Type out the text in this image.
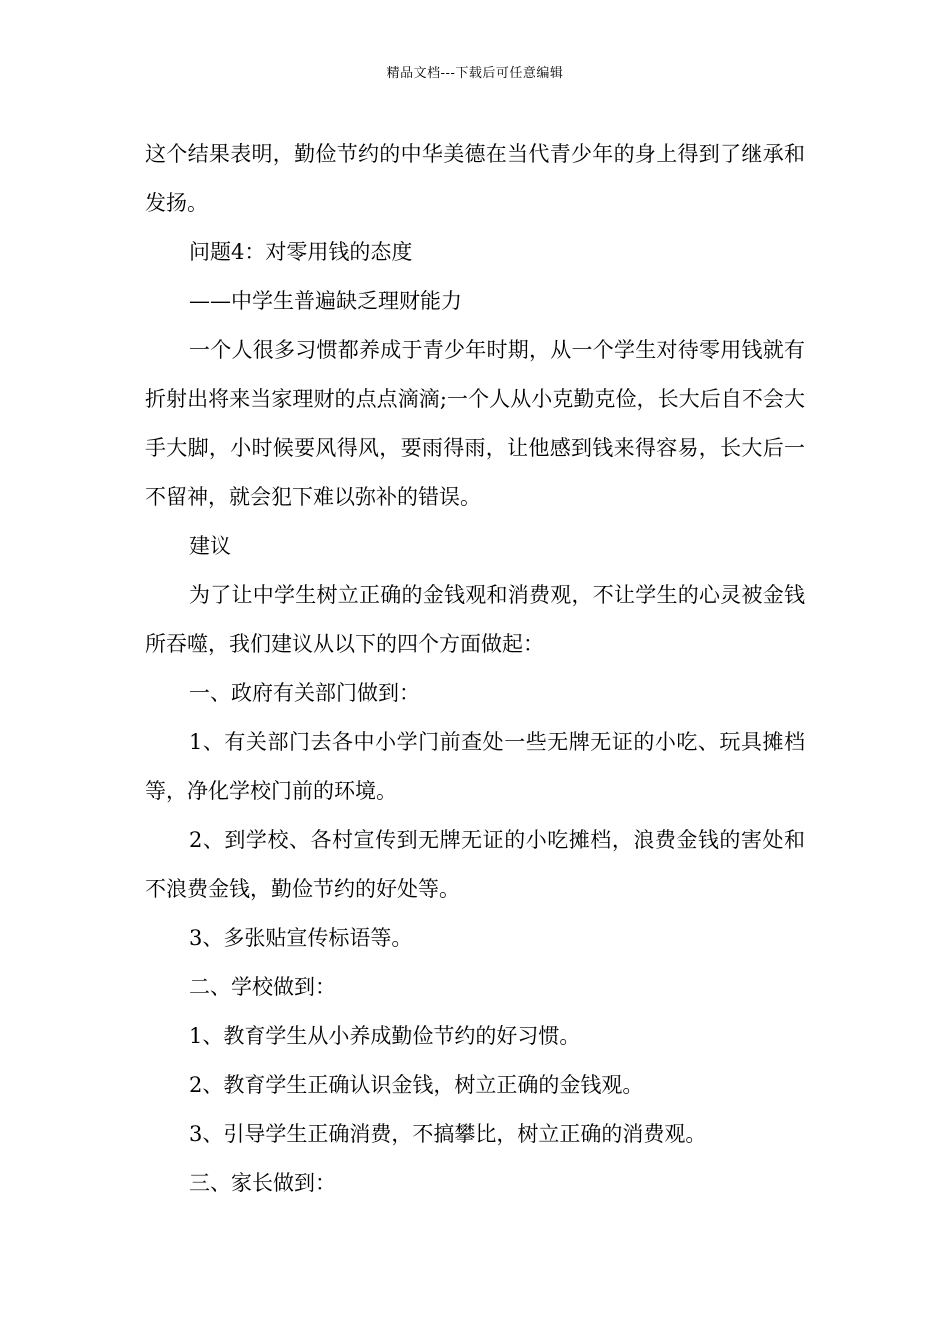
精品文档---下载后可任意编辑

这个结果表明，勤俭节约的中华美德在当代青少年的身上得到了继承和发扬。

问题4：对零用钱的态度

——中学生普遍缺乏理财能力

一个人很多习惯都养成于青少年时期，从一个学生对待零用钱就有折射出将来当家理财的点点滴滴;一个人从小克勤克俭，长大后自不会大手大脚，小时候要风得风，要雨得雨，让他感到钱来得容易，长大后一不留神，就会犯下难以弥补的错误。

建议

为了让中学生树立正确的金钱观和消费观，不让学生的心灵被金钱所吞噬，我们建议从以下的四个方面做起：

一、政府有关部门做到：

1、有关部门去各中小学门前查处一些无牌无证的小吃、玩具摊档等，净化学校门前的环境。

2、到学校、各村宣传到无牌无证的小吃摊档，浪费金钱的害处和不浪费金钱，勤俭节约的好处等。

3、多张贴宣传标语等。

二、学校做到：

1、教育学生从小养成勤俭节约的好习惯。

2、教育学生正确认识金钱，树立正确的金钱观。

3、引导学生正确消费，不搞攀比，树立正确的消费观。

三、家长做到：
